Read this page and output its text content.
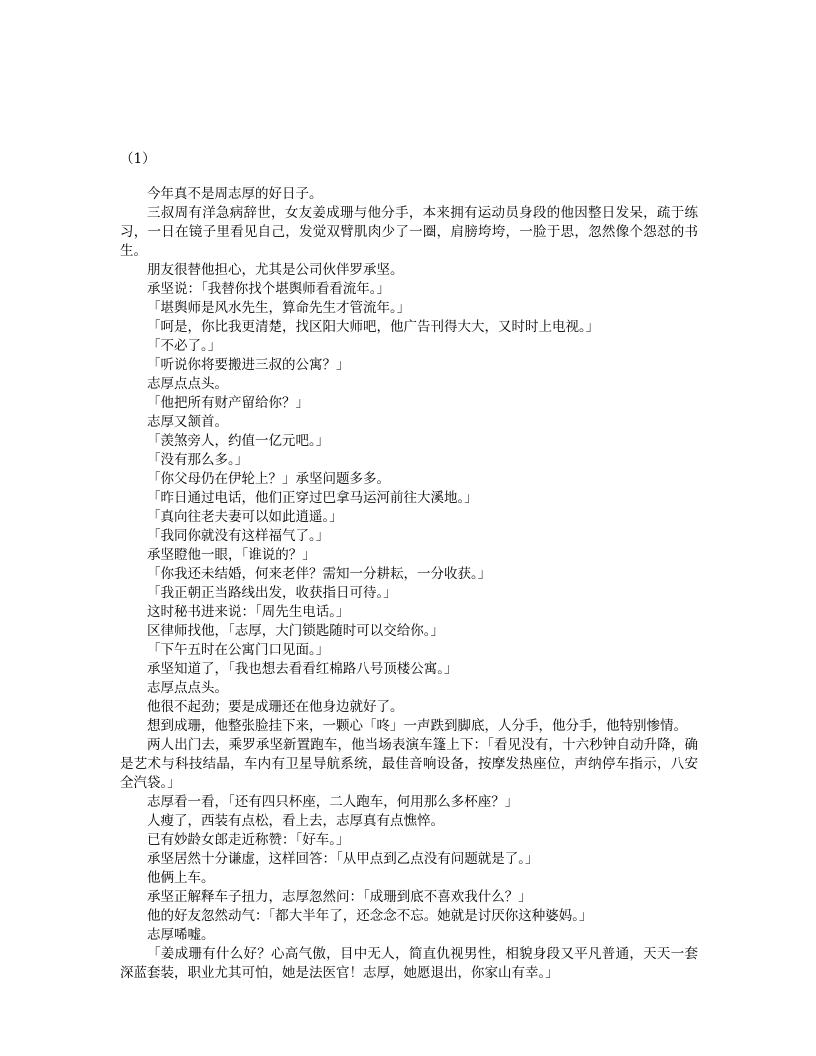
（1）

今年真不是周志厚的好日子。

三叔周有洋急病辞世，女友姜成珊与他分手，本来拥有运动员身段的他因整日发呆，疏于练习，一日在镜子里看见自己，发觉双臂肌肉少了一圈，肩膀垮垮，一脸于思，忽然像个怨怼的书生。

朋友很替他担心，尤其是公司伙伴罗承坚。

承坚说：「我替你找个堪舆师看看流年。」

「堪舆师是风水先生，算命先生才管流年。」

「呵是，你比我更清楚，找区阳大师吧，他广告刊得大大，又时时上电视。」

「不必了。」

「听说你将要搬进三叔的公寓？」

志厚点点头。

「他把所有财产留给你？」

志厚又颔首。

「羡煞旁人，约值一亿元吧。」

「没有那么多。」

「你父母仍在伊轮上？」承坚问题多多。

「昨日通过电话，他们正穿过巴拿马运河前往大溪地。」

「真向往老夫妻可以如此逍遥。」

「我同你就没有这样福气了。」

承坚瞪他一眼，「谁说的？」

「你我还未结婚，何来老伴？需知一分耕耘，一分收获。」

「我正朝正当路线出发，收获指日可待。」

这时秘书进来说：「周先生电话。」

区律师找他，「志厚，大门锁匙随时可以交给你。」

「下午五时在公寓门口见面。」

承坚知道了，「我也想去看看红棉路八号顶楼公寓。」

志厚点点头。

他很不起劲；要是成珊还在他身边就好了。

想到成珊，他整张脸挂下来，一颗心「咚」一声跌到脚底，人分手，他分手，他特别惨情。

两人出门去，乘罗承坚新置跑车，他当场表演车篷上下：「看见没有，十六秒钟自动升降，确是艺术与科技结晶，车内有卫星导航系统，最佳音响设备，按摩发热座位，声纳停车指示，八安全汽袋。」

志厚看一看，「还有四只杯座，二人跑车，何用那么多杯座？」

人瘦了，西装有点松，看上去，志厚真有点憔悴。

已有妙龄女郎走近称赞：「好车。」

承坚居然十分谦虚，这样回答：「从甲点到乙点没有问题就是了。」

他俩上车。

承坚正解释车子扭力，志厚忽然问：「成珊到底不喜欢我什么？」

他的好友忽然动气：「都大半年了，还念念不忘。她就是讨厌你这种婆妈。」

志厚唏嘘。

「姜成珊有什么好？心高气傲，目中无人，简直仇视男性，相貌身段又平凡普通，天天一套深蓝套装，职业尤其可怕，她是法医官！志厚，她愿退出，你家山有幸。」
